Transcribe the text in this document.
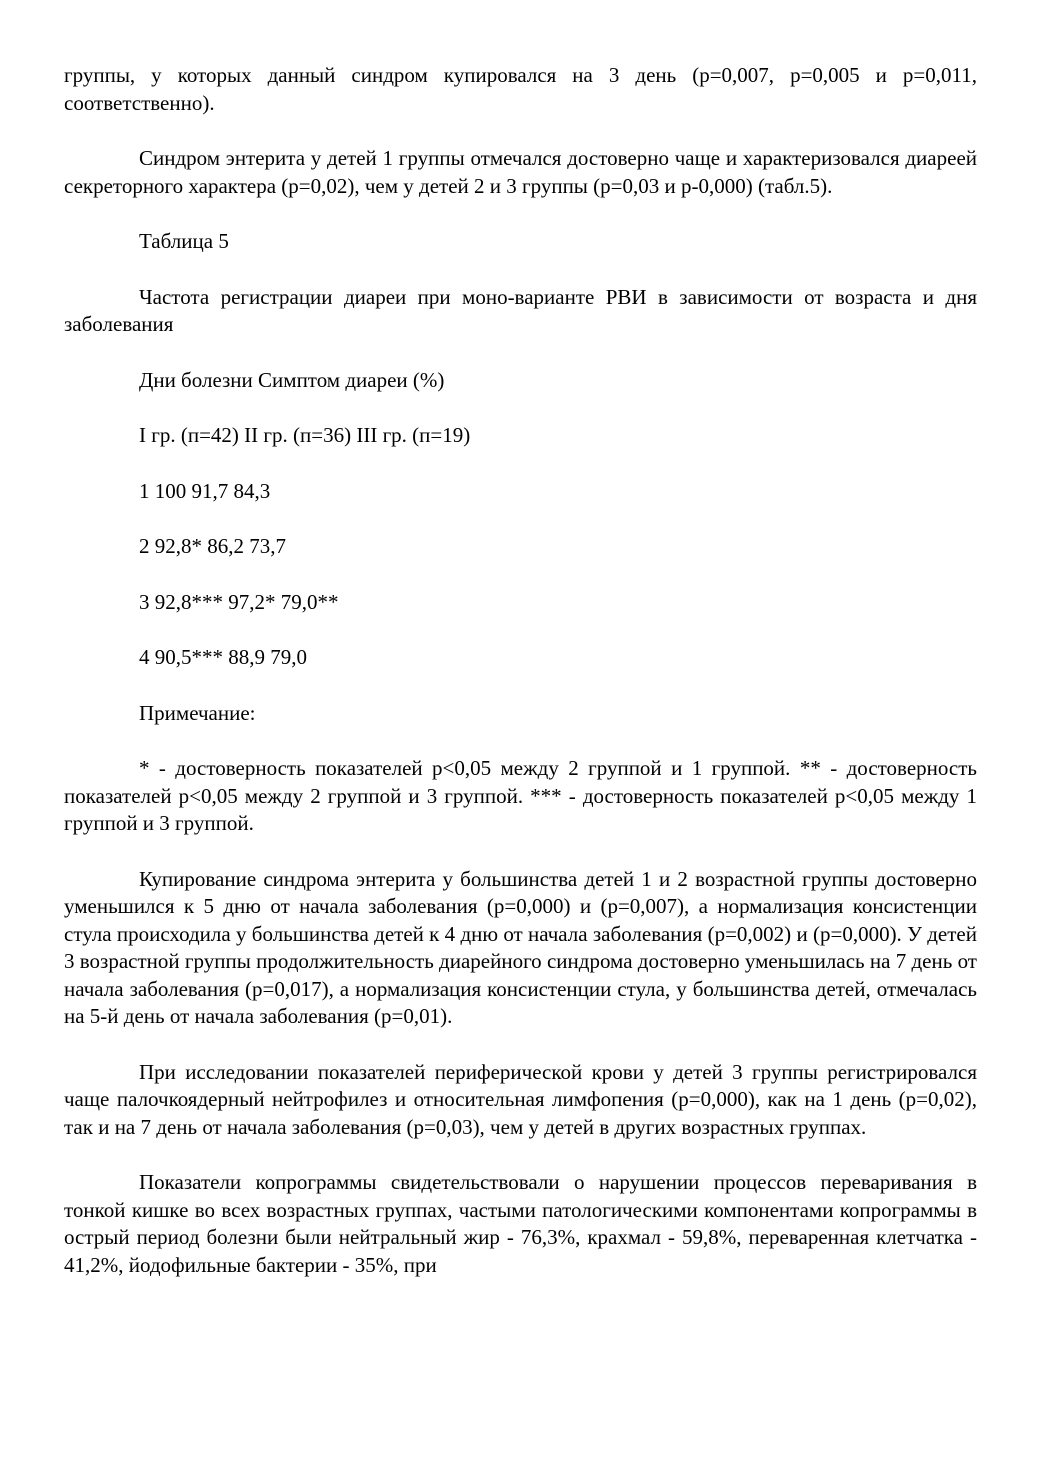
группы, у которых данный синдром купировался на 3 день (р=0,007, р=0,005 и р=0,011, соответственно).

Синдром энтерита у детей 1 группы отмечался достоверно чаще и характеризовался диареей секреторного характера (р=0,02), чем у детей 2 и 3 группы (р=0,03 и р-0,000) (табл.5).

Таблица 5

Частота регистрации диареи при моно-варианте РВИ в зависимости от возраста и дня заболевания

Дни болезни Симптом диареи (%)

I гр. (п=42) II гр. (п=36) III гр. (п=19)

1 100 91,7 84,3

2 92,8* 86,2 73,7

3 92,8*** 97,2* 79,0**

4 90,5*** 88,9 79,0

Примечание:

* - достоверность показателей р<0,05 между 2 группой и 1 группой. ** - достоверность показателей р<0,05 между 2 группой и 3 группой. *** - достоверность показателей р<0,05 между 1 группой и 3 группой.

Купирование синдрома энтерита у большинства детей 1 и 2 возрастной группы достоверно уменьшился к 5 дню от начала заболевания (р=0,000) и (р=0,007), а нормализация консистенции стула происходила у большинства детей к 4 дню от начала заболевания (р=0,002) и (р=0,000). У детей 3 возрастной группы продолжительность диарейного синдрома достоверно уменьшилась на 7 день от начала заболевания (р=0,017), а нормализация консистенции стула, у большинства детей, отмечалась на 5-й день от начала заболевания (р=0,01).

При исследовании показателей периферической крови у детей 3 группы регистрировался чаще палочкоядерный нейтрофилез и относительная лимфопения (р=0,000), как на 1 день (р=0,02), так и на 7 день от начала заболевания (р=0,03), чем у детей в других возрастных группах.

Показатели копрограммы свидетельствовали о нарушении процессов переваривания в тонкой кишке во всех возрастных группах, частыми патологическими компонентами копрограммы в острый период болезни были нейтральный жир - 76,3%, крахмал - 59,8%, переваренная клетчатка - 41,2%, йодофильные бактерии - 35%, при
